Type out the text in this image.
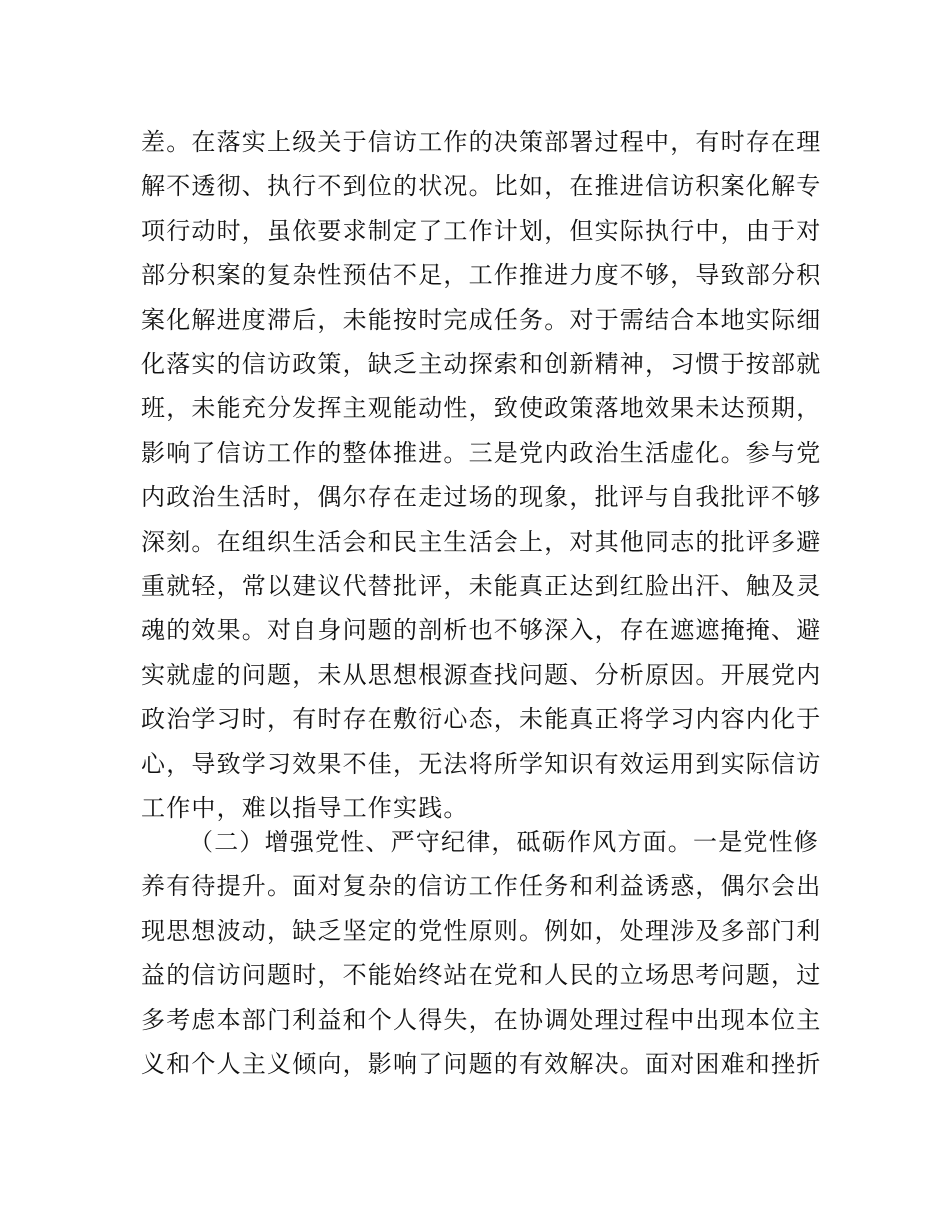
差。在落实上级关于信访工作的决策部署过程中，有时存在理
解不透彻、执行不到位的状况。比如，在推进信访积案化解专
项行动时，虽依要求制定了工作计划，但实际执行中，由于对
部分积案的复杂性预估不足，工作推进力度不够，导致部分积
案化解进度滞后，未能按时完成任务。对于需结合本地实际细
化落实的信访政策，缺乏主动探索和创新精神，习惯于按部就
班，未能充分发挥主观能动性，致使政策落地效果未达预期，
影响了信访工作的整体推进。三是党内政治生活虚化。参与党
内政治生活时，偶尔存在走过场的现象，批评与自我批评不够
深刻。在组织生活会和民主生活会上，对其他同志的批评多避
重就轻，常以建议代替批评，未能真正达到红脸出汗、触及灵
魂的效果。对自身问题的剖析也不够深入，存在遮遮掩掩、避
实就虚的问题，未从思想根源查找问题、分析原因。开展党内
政治学习时，有时存在敷衍心态，未能真正将学习内容内化于
心，导致学习效果不佳，无法将所学知识有效运用到实际信访
工作中，难以指导工作实践。
（二）增强党性、严守纪律，砥砺作风方面。一是党性修
养有待提升。面对复杂的信访工作任务和利益诱惑，偶尔会出
现思想波动，缺乏坚定的党性原则。例如，处理涉及多部门利
益的信访问题时，不能始终站在党和人民的立场思考问题，过
多考虑本部门利益和个人得失，在协调处理过程中出现本位主
义和个人主义倾向，影响了问题的有效解决。面对困难和挫折
